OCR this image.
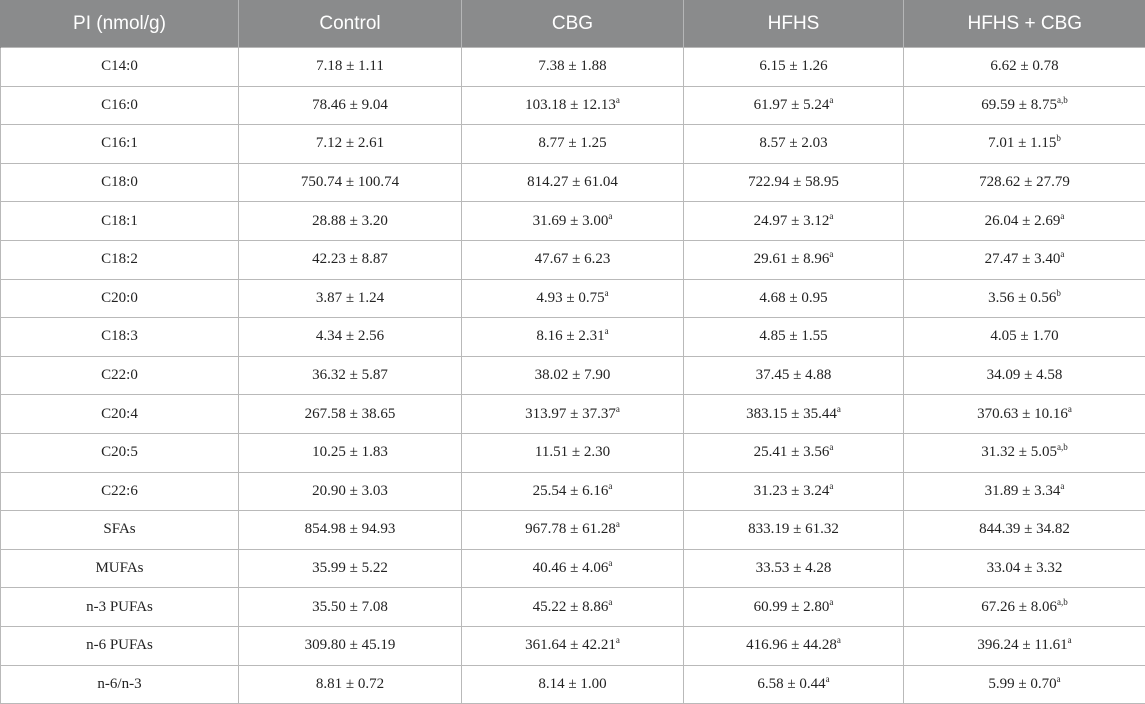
PI (nmol/g)	Control	CBG	HFHS	HFHS + CBG
C14:0	7.18 ± 1.11	7.38 ± 1.88	6.15 ± 1.26	6.62 ± 0.78
C16:0	78.46 ± 9.04	103.18 ± 12.13$^a$	61.97 ± 5.24$^a$	$69.59 \pm 8.75^{a,b}$
C16:1	7.12 ± 2.61	8.77 ± 1.25	8.57 ± 2.03	7.01 ± 1.15$^b$
C18:0	750.74 ± 100.74	814.27 ± 61.04	722.94 ± 58.95	728.62 ± 27.79
C18:1	28.88 ± 3.20	31.69 ± 3.00$^a$	24.97 ± 3.12$^a$	26.04 ± 2.69$^a$
C18:2	42.23 ± 8.87	47.67 ± 6.23	29.61 ± 8.96$^a$	27.47 ± 3.40$^a$
C20:0	3.87 ± 1.24	4.93 ± 0.75$^a$	4.68 ± 0.95	3.56 ± 0.56$^b$
C18:3	4.34 ± 2.56	8.16 ± 2.31$^a$	4.85 ± 1.55	4.05 ± 1.70
C22:0	36.32 ± 5.87	38.02 ± 7.90	37.45 ± 4.88	34.09 ± 4.58
C20:4	267.58 ± 38.65	313.97 ± 37.37$^a$	383.15 ± 35.44$^a$	370.63 ± 10.16$^a$
C20:5	10.25 ± 1.83	11.51 ± 2.30	25.41 ± 3.56$^a$	$31.32 \pm 5.05^{a,b}$
C22:6	20.90 ± 3.03	25.54 ± 6.16$^a$	31.23 ± 3.24$^a$	31.89 ± 3.34$^a$
SFAs	854.98 ± 94.93	967.78 ± 61.28$^a$	833.19 ± 61.32	844.39 ± 34.82
MUFAs	35.99 ± 5.22	40.46 ± 4.06$^a$	33.53 ± 4.28	33.04 ± 3.32
n-3 PUFAs	35.50 ± 7.08	45.22 ± 8.86$^a$	60.99 ± 2.80$^a$	$67.26 \pm 8.06^{a,b}$
n-6 PUFAs	309.80 ± 45.19	361.64 ± 42.21$^a$	416.96 ± 44.28$^a$	396.24 ± 11.61$^a$
n-6/n-3	8.81 ± 0.72	8.14 ± 1.00	6.58 ± 0.44$^a$	5.99 ± 0.70$^a$
